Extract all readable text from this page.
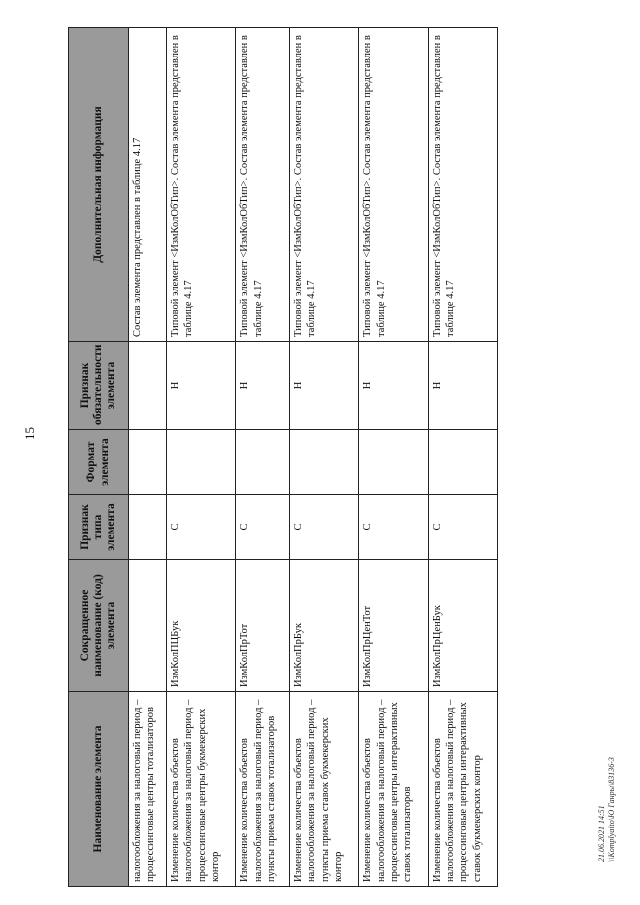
15
Наименование элемента	Сокращенное наименование (код) элемента	Признак типа элемента	Формат элемента	Признак обязательности элемента	Дополнительная информация
налогообложения за налоговый период – процессинговые центры тотализаторов					Состав элемента представлен в таблице 4.17
Изменение количества объектов налогообложения за налоговый период – процессинговые центры букмекерских контор	ИзмКолПЦБук	С		Н	Типовой элемент <ИзмКолОбТип>. Состав элемента представлен в таблице 4.17
Изменение количества объектов налогообложения за налоговый период – пункты приема ставок тотализаторов	ИзмКолПрТот	С		Н	Типовой элемент <ИзмКолОбТип>. Состав элемента представлен в таблице 4.17
Изменение количества объектов налогообложения за налоговый период – пункты приема ставок букмекерских контор	ИзмКолПрБук	С		Н	Типовой элемент <ИзмКолОбТип>. Состав элемента представлен в таблице 4.17
Изменение количества объектов налогообложения за налоговый период – процессинговые центры интерактивных ставок тотализаторов	ИзмКолПрЦенТот	С		Н	Типовой элемент <ИзмКолОбТип>. Состав элемента представлен в таблице 4.17
Изменение количества объектов налогообложения за налоговый период – процессинговые центры интерактивных ставок букмекерских контор	ИзмКолПрЦенБук	С		Н	Типовой элемент <ИзмКолОбТип>. Состав элемента представлен в таблице 4.17
21.06.2021 14:51 \\Komplyaito\Ю Ганры\83136-3
